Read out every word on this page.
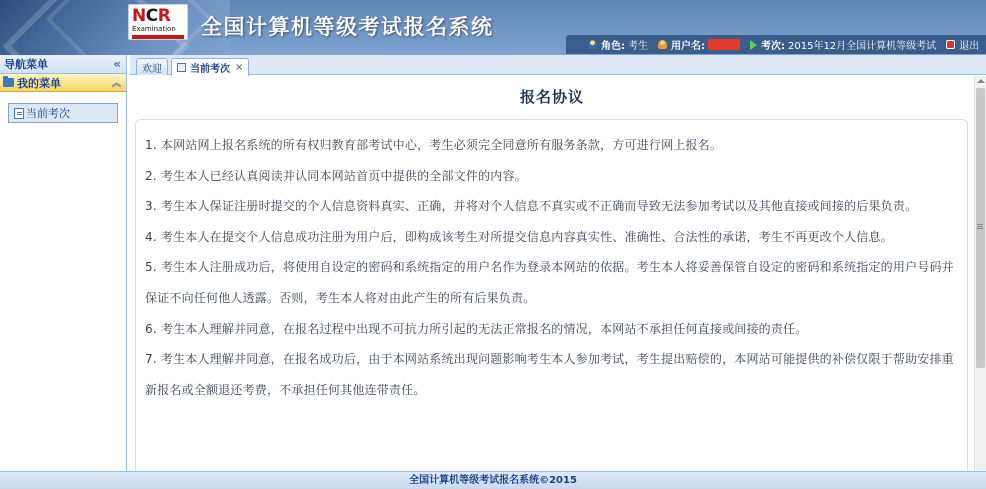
NCR
Examination	全国计算机等级考试报名系统
角色: 考生 用户名:	考次: 2015年12月全国计算机等级考试 退出
导航菜单	«
我的菜单	︽
当前考次
欢迎	当前考次 ×
报名协议

1. 本网站网上报名系统的所有权归教育部考试中心，考生必须完全同意所有服务条款，方可进行网上报名。

2. 考生本人已经认真阅读并认同本网站首页中提供的全部文件的内容。

3. 考生本人保证注册时提交的个人信息资料真实、正确，并将对个人信息不真实或不正确而导致无法参加考试以及其他直接或间接的后果负责。

4. 考生本人在提交个人信息成功注册为用户后，即构成该考生对所提交信息内容真实性、准确性、合法性的承诺，考生不再更改个人信息。

5. 考生本人注册成功后，将使用自设定的密码和系统指定的用户名作为登录本网站的依据。考生本人将妥善保管自设定的密码和系统指定的用户号码并保证不向任何他人透露。否则，考生本人将对由此产生的所有后果负责。

6. 考生本人理解并同意，在报名过程中出现不可抗力所引起的无法正常报名的情况，本网站不承担任何直接或间接的责任。

7. 考生本人理解并同意，在报名成功后，由于本网站系统出现问题影响考生本人参加考试，考生提出赔偿的，本网站可能提供的补偿仅限于帮助安排重新报名或全额退还考费，不承担任何其他连带责任。

全国计算机等级考试报名系统©2015
